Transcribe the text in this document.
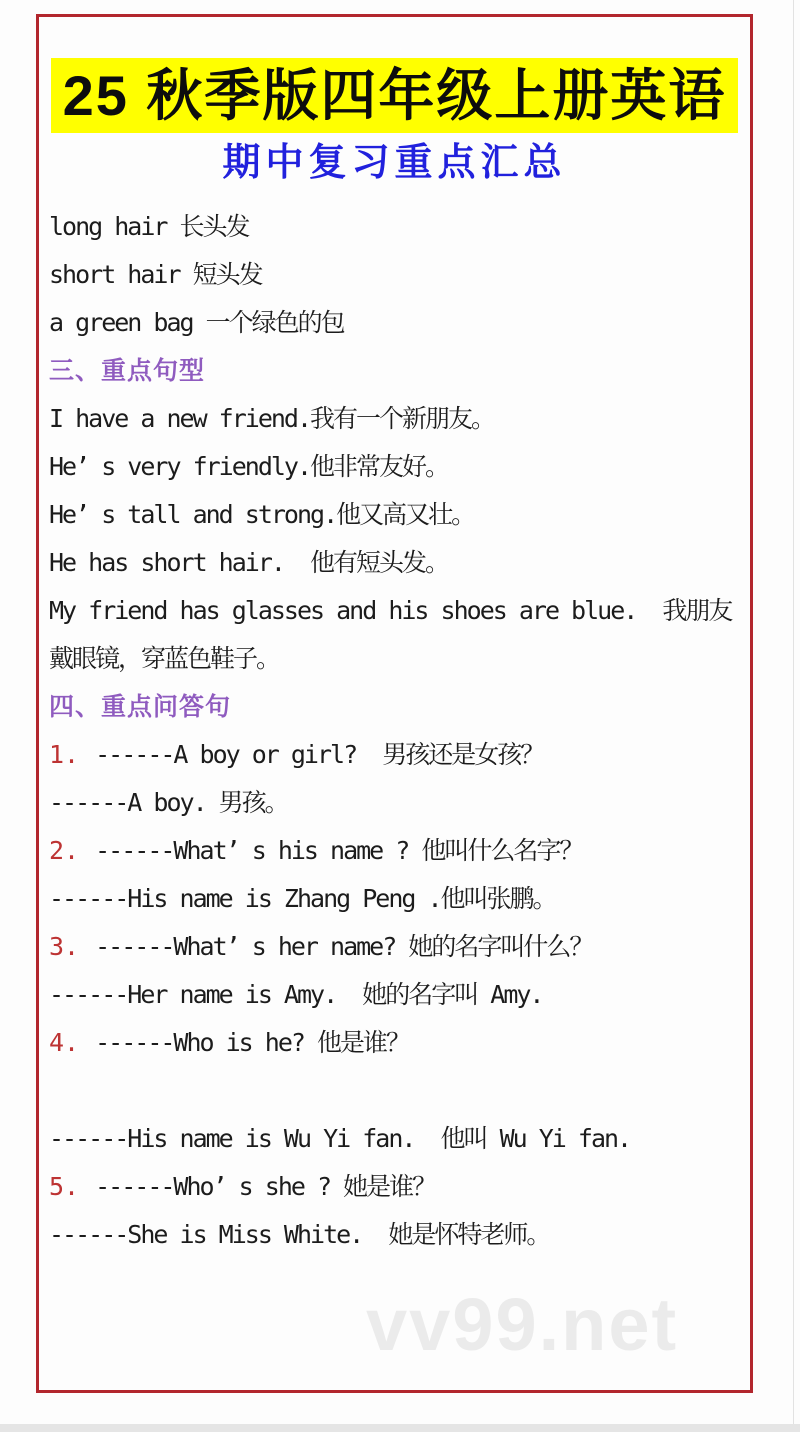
vv99.net
25 秋季版四年级上册英语
期中复习重点汇总
long hair 长头发
short hair 短头发
a green bag 一个绿色的包
三、重点句型
I have a new friend.我有一个新朋友。
He’ s very friendly.他非常友好。
He’ s tall and strong.他又高又壮。
He has short hair.  他有短头发。
My friend has glasses and his shoes are blue.  我朋友戴眼镜，穿蓝色鞋子。
四、重点问答句
1. ------A boy or girl?  男孩还是女孩？
------A boy. 男孩。
2. ------What’ s his name ? 他叫什么名字？
------His name is Zhang Peng .他叫张鹏。
3. ------What’ s her name? 她的名字叫什么？
------Her name is Amy.  她的名字叫 Amy.
4. ------Who is he? 他是谁？
------His name is Wu Yi fan.  他叫 Wu Yi fan.
5. ------Who’ s she ? 她是谁？
------She is Miss White.  她是怀特老师。
